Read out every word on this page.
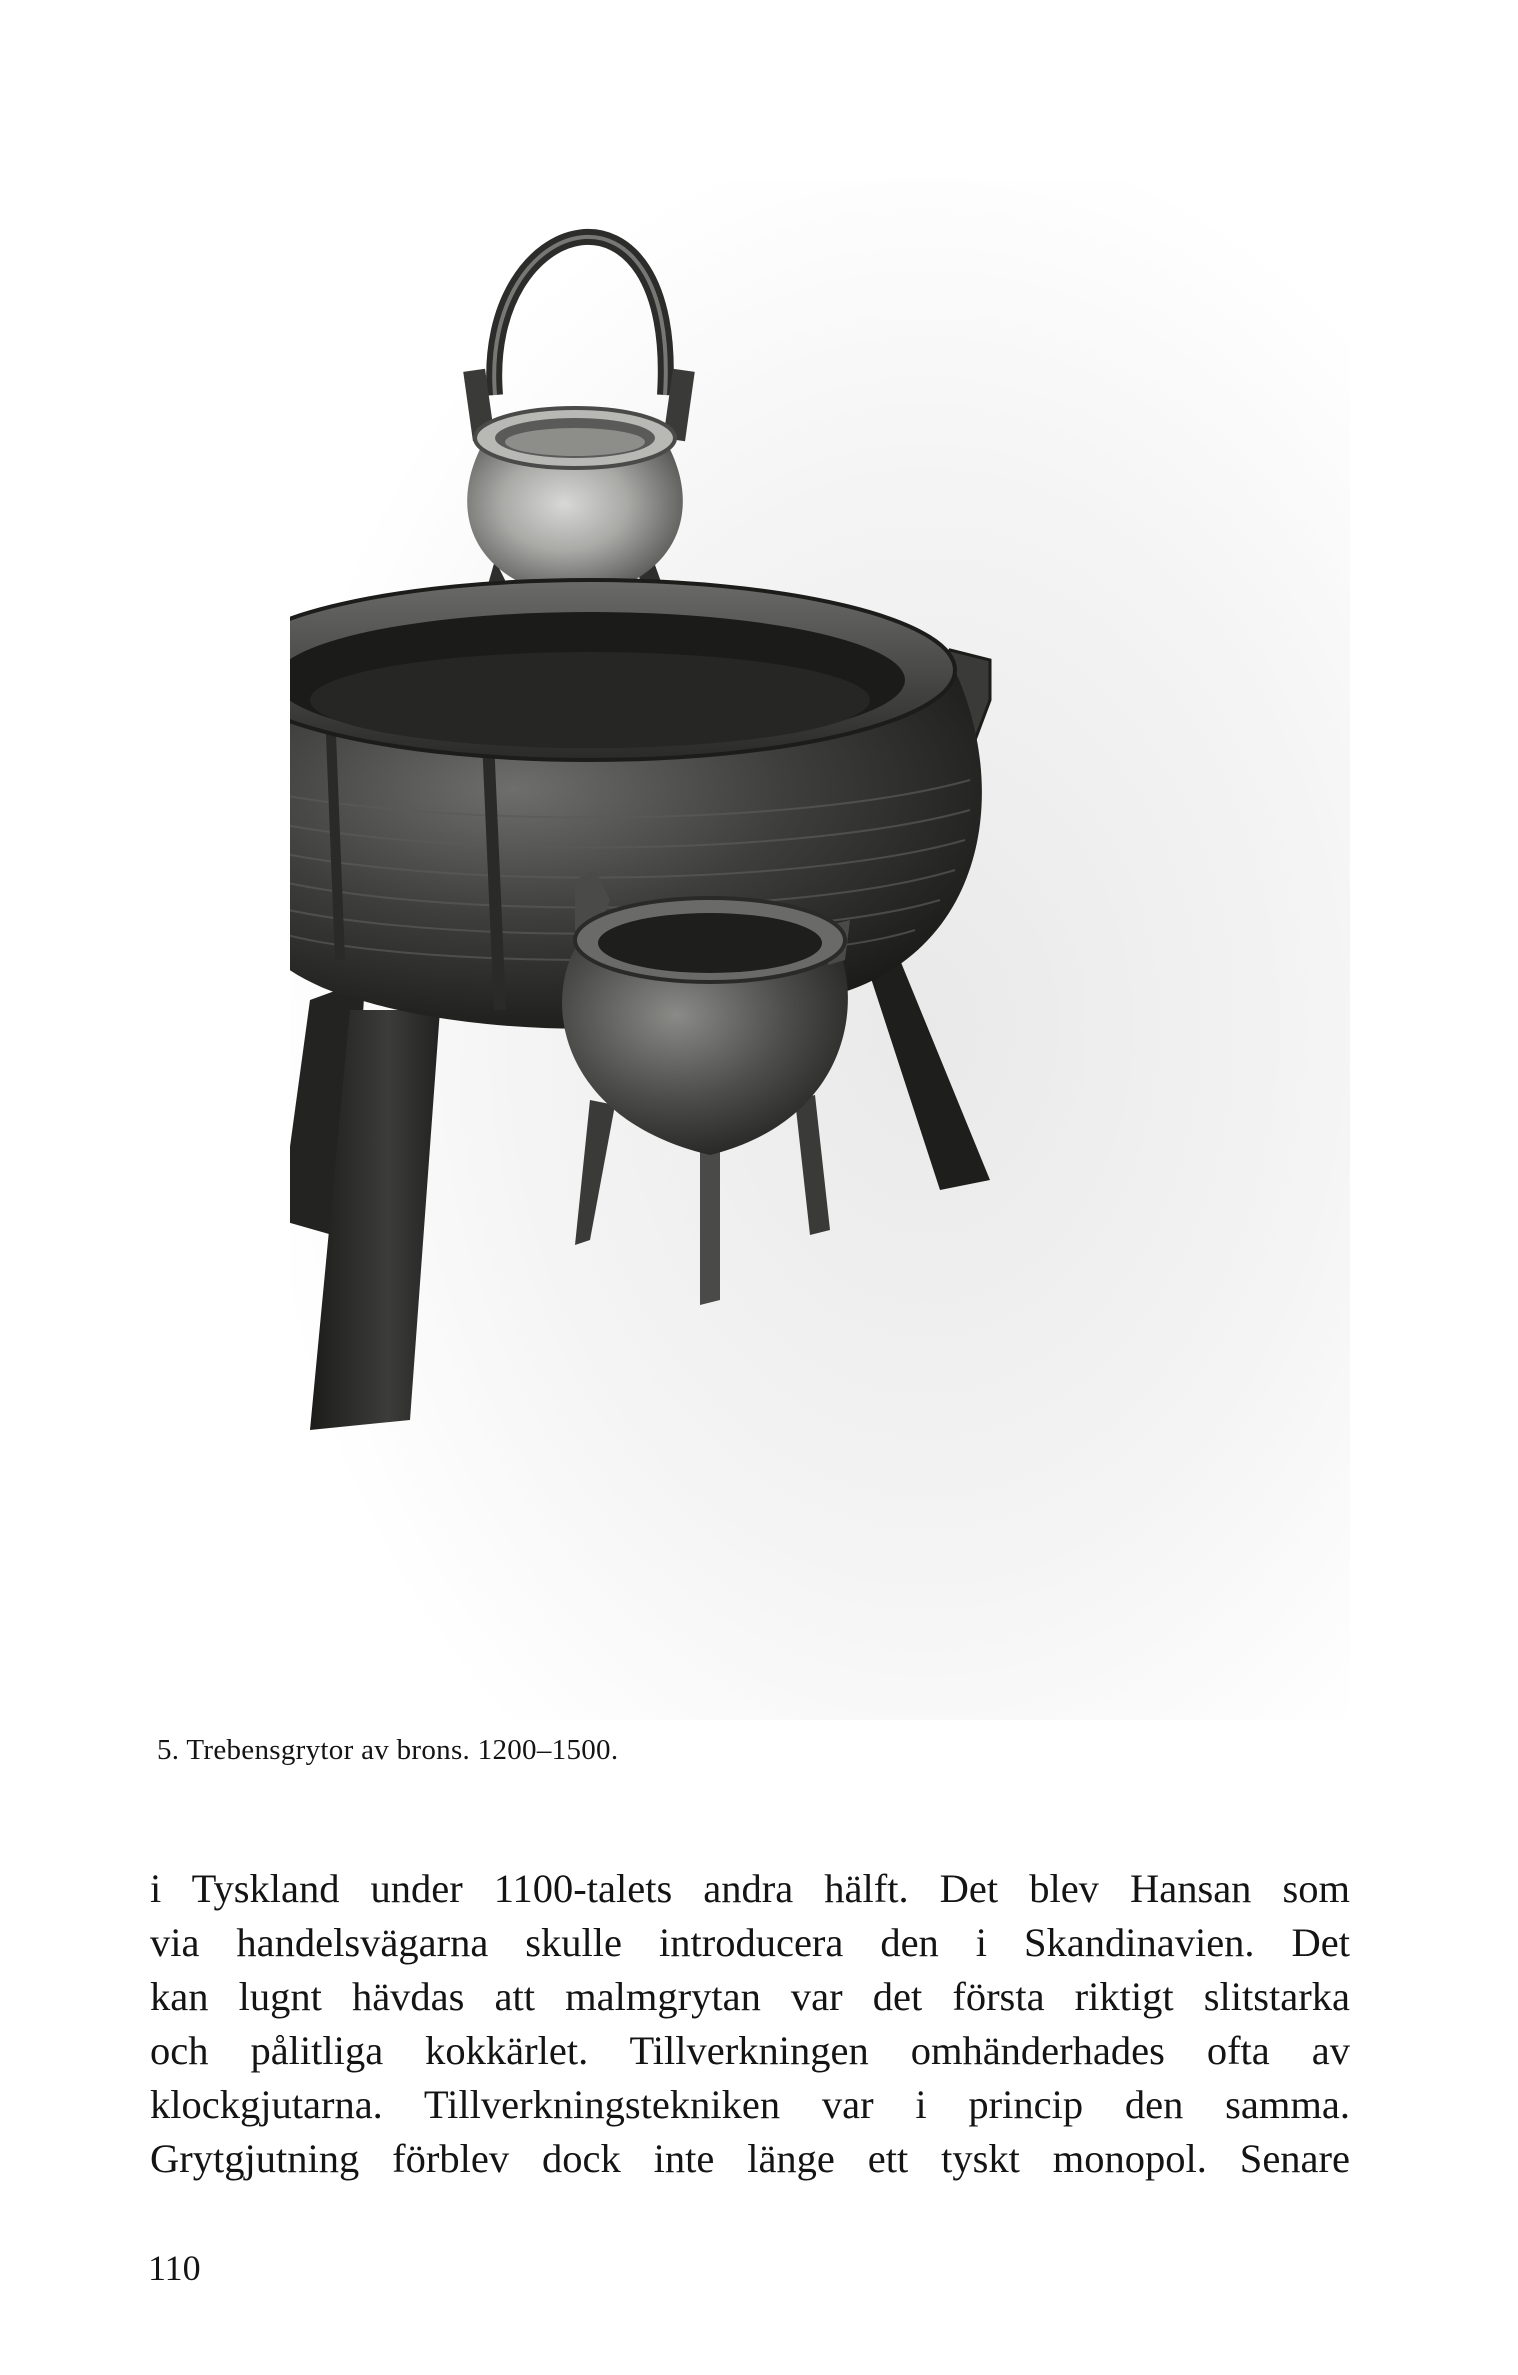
5. Trebensgrytor av brons. 1200–1500.
i Tyskland under 1100-talets andra hälft. Det blev Hansan som
via handelsvägarna skulle introducera den i Skandinavien. Det
kan lugnt hävdas att malmgrytan var det första riktigt slitstarka
och pålitliga kokkärlet. Tillverkningen omhänderhades ofta av
klockgjutarna. Tillverkningstekniken var i princip den samma.
Grytgjutning förblev dock inte länge ett tyskt monopol. Senare
110
